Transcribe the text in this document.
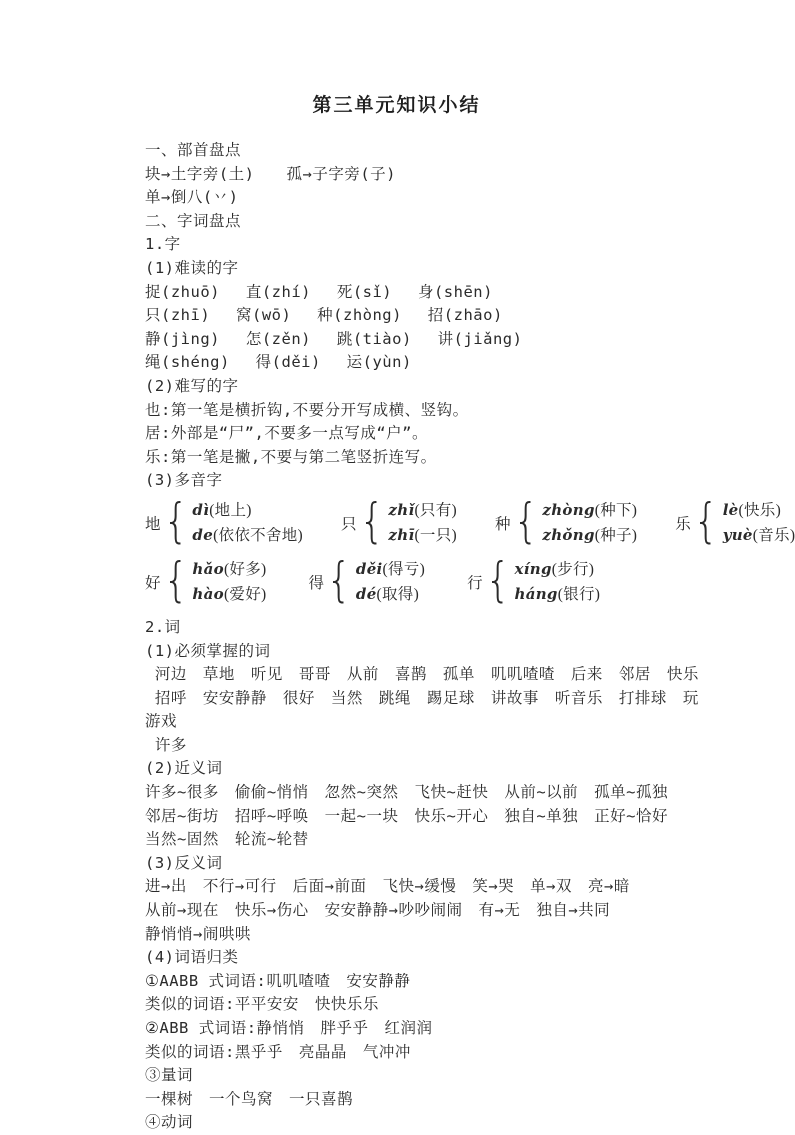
第三单元知识小结

一、部首盘点

块→土字旁(土)　　孤→子字旁(子)

单→倒八(丷)

二、字词盘点

1.字

(1)难读的字

捉(zhuō)　 直(zhí)　 死(sǐ)　 身(shēn)

只(zhī)　 窝(wō)　 种(zhòng)　 招(zhāo)

静(jìng)　 怎(zěn)　 跳(tiào)　 讲(jiǎng)

绳(shéng)　 得(děi)　 运(yùn)

(2)难写的字

也:第一笔是横折钩,不要分开写成横、竖钩。

居:外部是“尸”,不要多一点写成“户”。

乐:第一笔是撇,不要与第二笔竖折连写。

(3)多音字

地 { dì(地上)
de(依依不舍地)
只 { zhǐ(只有)
zhī(一只)
种 { zhòng(种下)
zhǒng(种子)
乐 { lè(快乐)
yuè(音乐)
好 { hǎo(好多)
hào(爱好)
得 { děi(得亏)
dé(取得)
行 { xíng(步行)
háng(银行)

2.词

(1)必须掌握的词

河边　草地　听见　哥哥　从前　喜鹊　孤单　叽叽喳喳　后来　邻居　快乐

招呼　安安静静　很好　当然　跳绳　踢足球　讲故事　听音乐　打排球　玩游戏

许多

(2)近义词

许多~很多　偷偷~悄悄　忽然~突然　飞快~赶快　从前~以前　孤单~孤独

邻居~街坊　招呼~呼唤　一起~一块　快乐~开心　独自~单独　正好~恰好

当然~固然　轮流~轮替

(3)反义词

进→出　不行→可行　后面→前面　飞快→缓慢　笑→哭　单→双　亮→暗

从前→现在　快乐→伤心　安安静静→吵吵闹闹　有→无　独自→共同

静悄悄→闹哄哄

(4)词语归类

①AABB 式词语:叽叽喳喳　安安静静

类似的词语:平平安安　快快乐乐

②ABB 式词语:静悄悄　胖乎乎　红润润

类似的词语:黑乎乎　亮晶晶　气冲冲

③量词

一棵树　一个鸟窝　一只喜鹊

④动词
